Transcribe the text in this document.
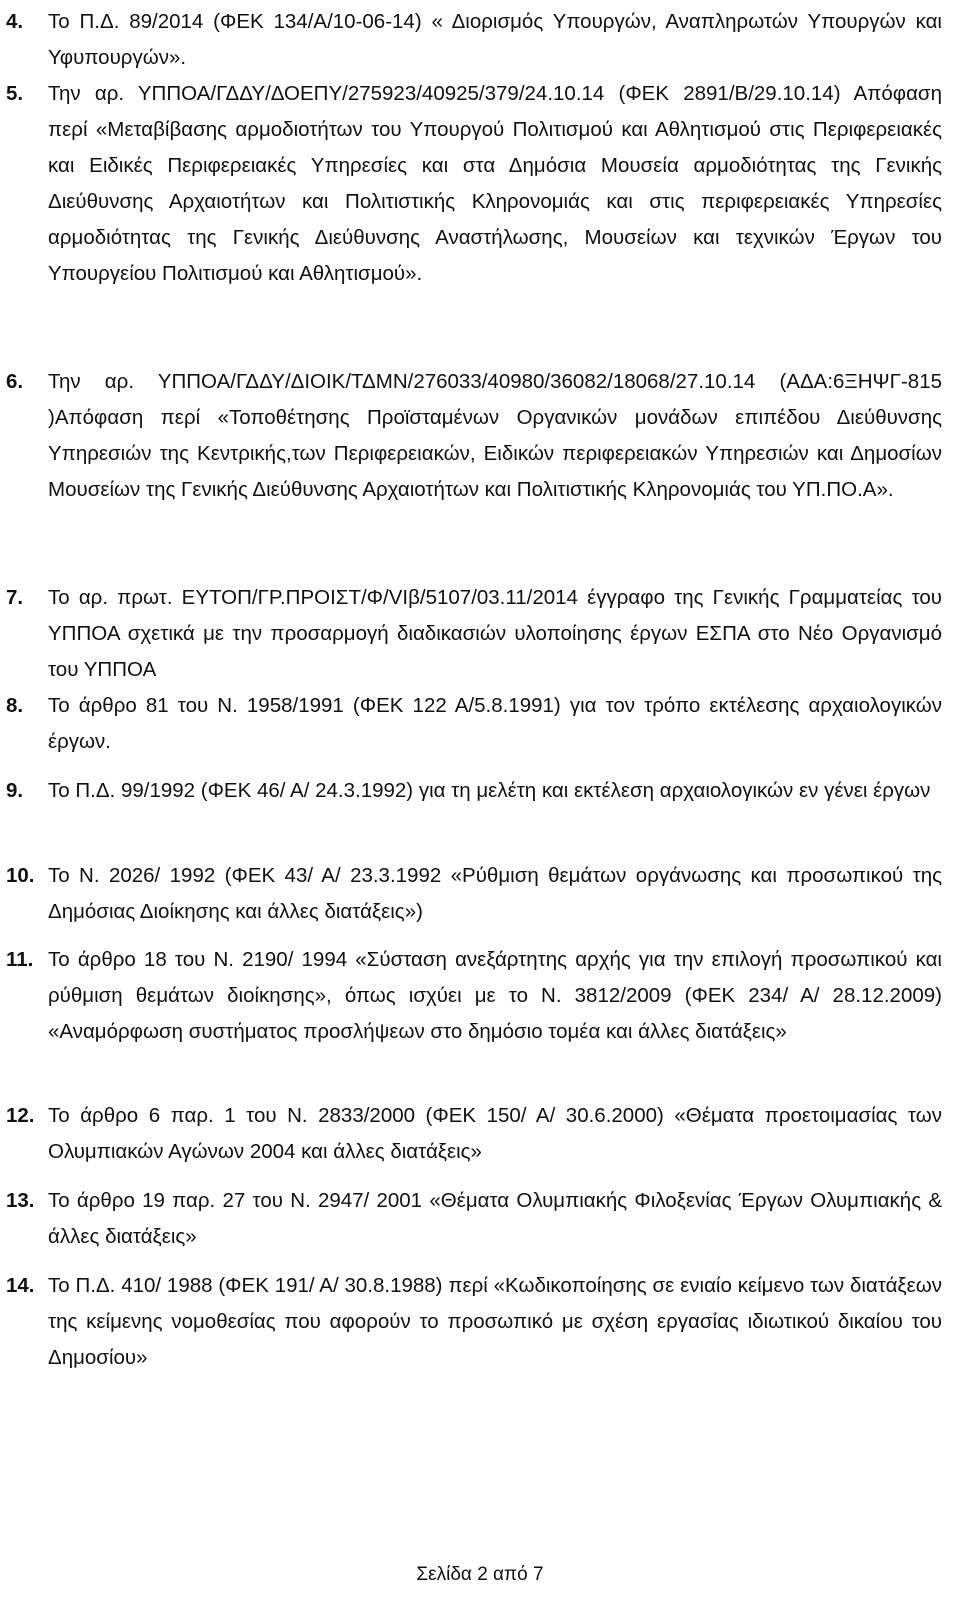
4. Το Π.Δ. 89/2014 (ΦΕΚ 134/Α/10-06-14) « Διορισμός Υπουργών, Αναπληρωτών Υπουργών και Υφυπουργών».
5. Την αρ. ΥΠΠΟΑ/ΓΔΔΥ/ΔΟΕΠΥ/275923/40925/379/24.10.14 (ΦΕΚ 2891/Β/29.10.14) Απόφαση περί «Μεταβίβασης αρμοδιοτήτων του Υπουργού Πολιτισμού και Αθλητισμού στις Περιφερειακές και Ειδικές Περιφερειακές Υπηρεσίες και στα Δημόσια Μουσεία αρμοδιότητας της Γενικής Διεύθυνσης Αρχαιοτήτων και Πολιτιστικής Κληρονομιάς και στις περιφερειακές Υπηρεσίες αρμοδιότητας της Γενικής Διεύθυνσης Αναστήλωσης, Μουσείων και τεχνικών Έργων του Υπουργείου Πολιτισμού και Αθλητισμού».
6. Την αρ. ΥΠΠΟΑ/ΓΔΔΥ/ΔΙΟΙΚ/ΤΔΜΝ/276033/40980/36082/18068/27.10.14 (ΑΔΑ:6ΞΗΨΓ-815 )Απόφαση περί «Τοποθέτησης Προϊσταμένων Οργανικών μονάδων επιπέδου Διεύθυνσης Υπηρεσιών της Κεντρικής,των Περιφερειακών, Ειδικών περιφερειακών Υπηρεσιών και Δημοσίων Μουσείων της Γενικής Διεύθυνσης Αρχαιοτήτων και Πολιτιστικής Κληρονομιάς του ΥΠ.ΠΟ.Α».
7. Το αρ. πρωτ. ΕΥΤΟΠ/ΓΡ.ΠΡΟΙΣΤ/Φ/VΙβ/5107/03.11/2014 έγγραφο της Γενικής Γραμματείας του ΥΠΠΟΑ σχετικά με την προσαρμογή διαδικασιών υλοποίησης έργων ΕΣΠΑ στο Νέο Οργανισμό του ΥΠΠΟΑ
8. Το άρθρο 81 του Ν. 1958/1991 (ΦΕΚ 122 Α/5.8.1991) για τον τρόπο εκτέλεσης αρχαιολογικών έργων.
9. Το Π.Δ. 99/1992 (ΦΕΚ 46/ Α/ 24.3.1992) για τη μελέτη και εκτέλεση αρχαιολογικών εν γένει έργων
10. Το Ν. 2026/ 1992 (ΦΕΚ 43/ Α/ 23.3.1992 «Ρύθμιση θεμάτων οργάνωσης και προσωπικού της Δημόσιας Διοίκησης και άλλες διατάξεις»)
11. Το άρθρο 18 του Ν. 2190/ 1994 «Σύσταση ανεξάρτητης αρχής για την επιλογή προσωπικού και ρύθμιση θεμάτων διοίκησης», όπως ισχύει με το Ν. 3812/2009 (ΦΕΚ 234/ Α/ 28.12.2009) «Αναμόρφωση συστήματος προσλήψεων στο δημόσιο τομέα και άλλες διατάξεις»
12. Το άρθρο 6 παρ. 1 του Ν. 2833/2000 (ΦΕΚ 150/ Α/ 30.6.2000) «Θέματα προετοιμασίας των Ολυμπιακών Αγώνων 2004 και άλλες διατάξεις»
13. Το άρθρο 19 παρ. 27 του Ν. 2947/ 2001 «Θέματα Ολυμπιακής Φιλοξενίας Έργων Ολυμπιακής & άλλες διατάξεις»
14. Το Π.Δ. 410/ 1988 (ΦΕΚ 191/ Α/ 30.8.1988) περί «Κωδικοποίησης σε ενιαίο κείμενο των διατάξεων της κείμενης νομοθεσίας που αφορούν το προσωπικό με σχέση εργασίας ιδιωτικού δικαίου του Δημοσίου»
Σελίδα 2 από 7
